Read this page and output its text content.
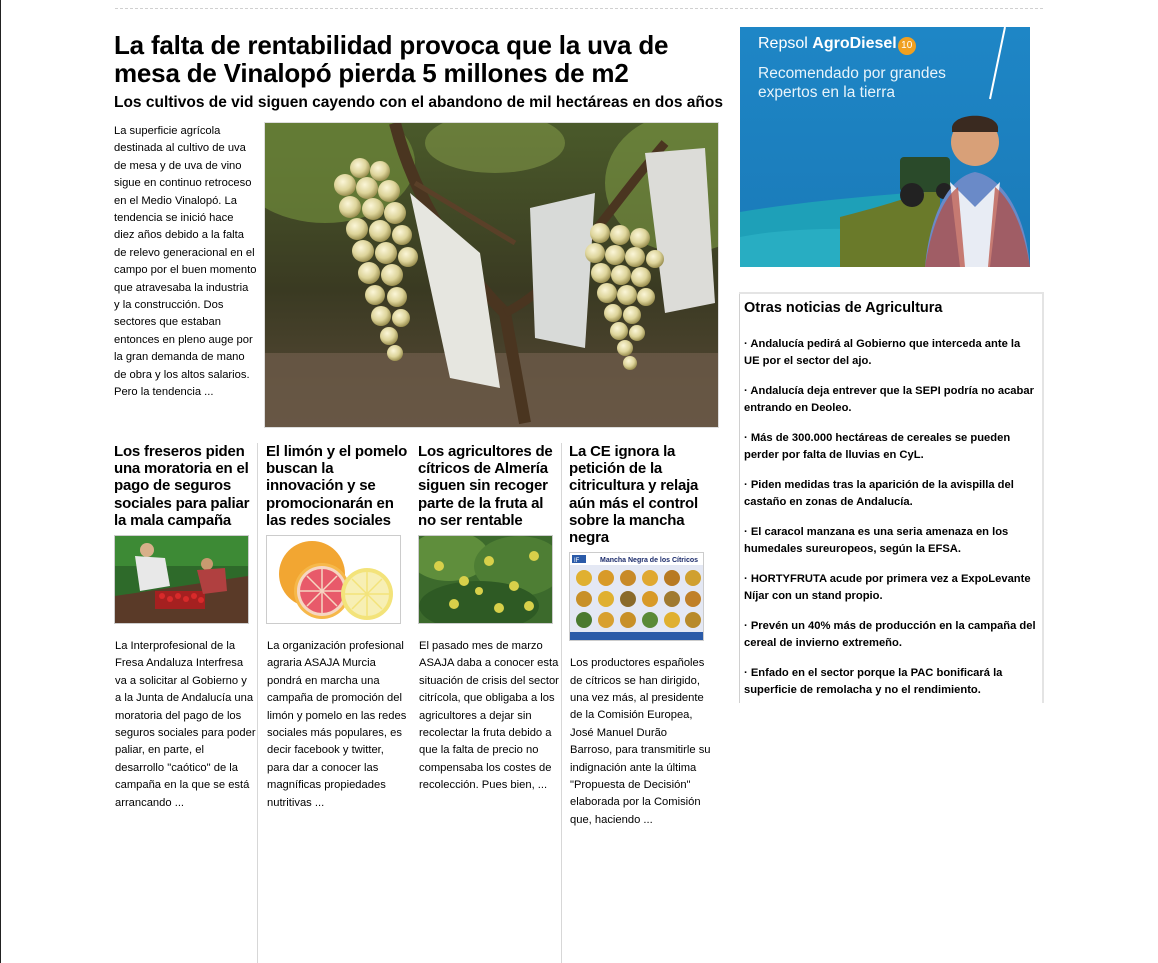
La falta de rentabilidad provoca que la uva de mesa de Vinalopó pierda 5 millones de m2
Los cultivos de vid siguen cayendo con el abandono de mil hectáreas en dos años

La superficie agrícola destinada al cultivo de uva de mesa y de uva de vino sigue en continuo retroceso en el Medio Vinalopó. La tendencia se inició hace diez años debido a la falta de relevo generacional en el campo por el buen momento que atravesaba la industria y la construcción. Dos sectores que estaban entonces en pleno auge por la gran demanda de mano de obra y los altos salarios. Pero la tendencia ...

Los freseros piden una moratoria en el pago de seguros sociales para paliar la mala campaña

La Interprofesional de la Fresa Andaluza Interfresa va a solicitar al Gobierno y a la Junta de Andalucía una moratoria del pago de los seguros sociales para poder paliar, en parte, el desarrollo "caótico" de la campaña en la que se está arrancando ...

El limón y el pomelo buscan la innovación y se promocionarán en las redes sociales

La organización profesional agraria ASAJA Murcia pondrá en marcha una campaña de promoción del limón y pomelo en las redes sociales más populares, es decir facebook y twitter, para dar a conocer las magníficas propiedades nutritivas ...

Los agricultores de cítricos de Almería siguen sin recoger parte de la fruta al no ser rentable

El pasado mes de marzo ASAJA daba a conocer esta situación de crisis del sector citrícola, que obligaba a los agricultores a dejar sin recolectar la fruta debido a que la falta de precio no compensaba los costes de recolección. Pues bien, ...

La CE ignora la petición de la citricultura y relaja aún más el control sobre la mancha negra
IF	Mancha Negra de los Cítricos

Los productores españoles de cítricos se han dirigido, una vez más, al presidente de la Comisión Europea, José Manuel Durão Barroso, para transmitirle su indignación ante la última "Propuesta de Decisión" elaborada por la Comisión que, haciendo ...

Repsol AgroDiesel 10
Recomendado por grandes expertos en la tierra
Otras noticias de Agricultura
· Andalucía pedirá al Gobierno que interceda ante la UE por el sector del ajo.
· Andalucía deja entrever que la SEPI podría no acabar entrando en Deoleo.
· Más de 300.000 hectáreas de cereales se pueden perder por falta de lluvias en CyL.
· Piden medidas tras la aparición de la avispilla del castaño en zonas de Andalucía.
· El caracol manzana es una seria amenaza en los humedales sureuropeos, según la EFSA.
· HORTYFRUTA acude por primera vez a ExpoLevante Níjar con un stand propio.
· Prevén un 40% más de producción en la campaña del cereal de invierno extremeño.
· Enfado en el sector porque la PAC bonificará la superficie de remolacha y no el rendimiento.
